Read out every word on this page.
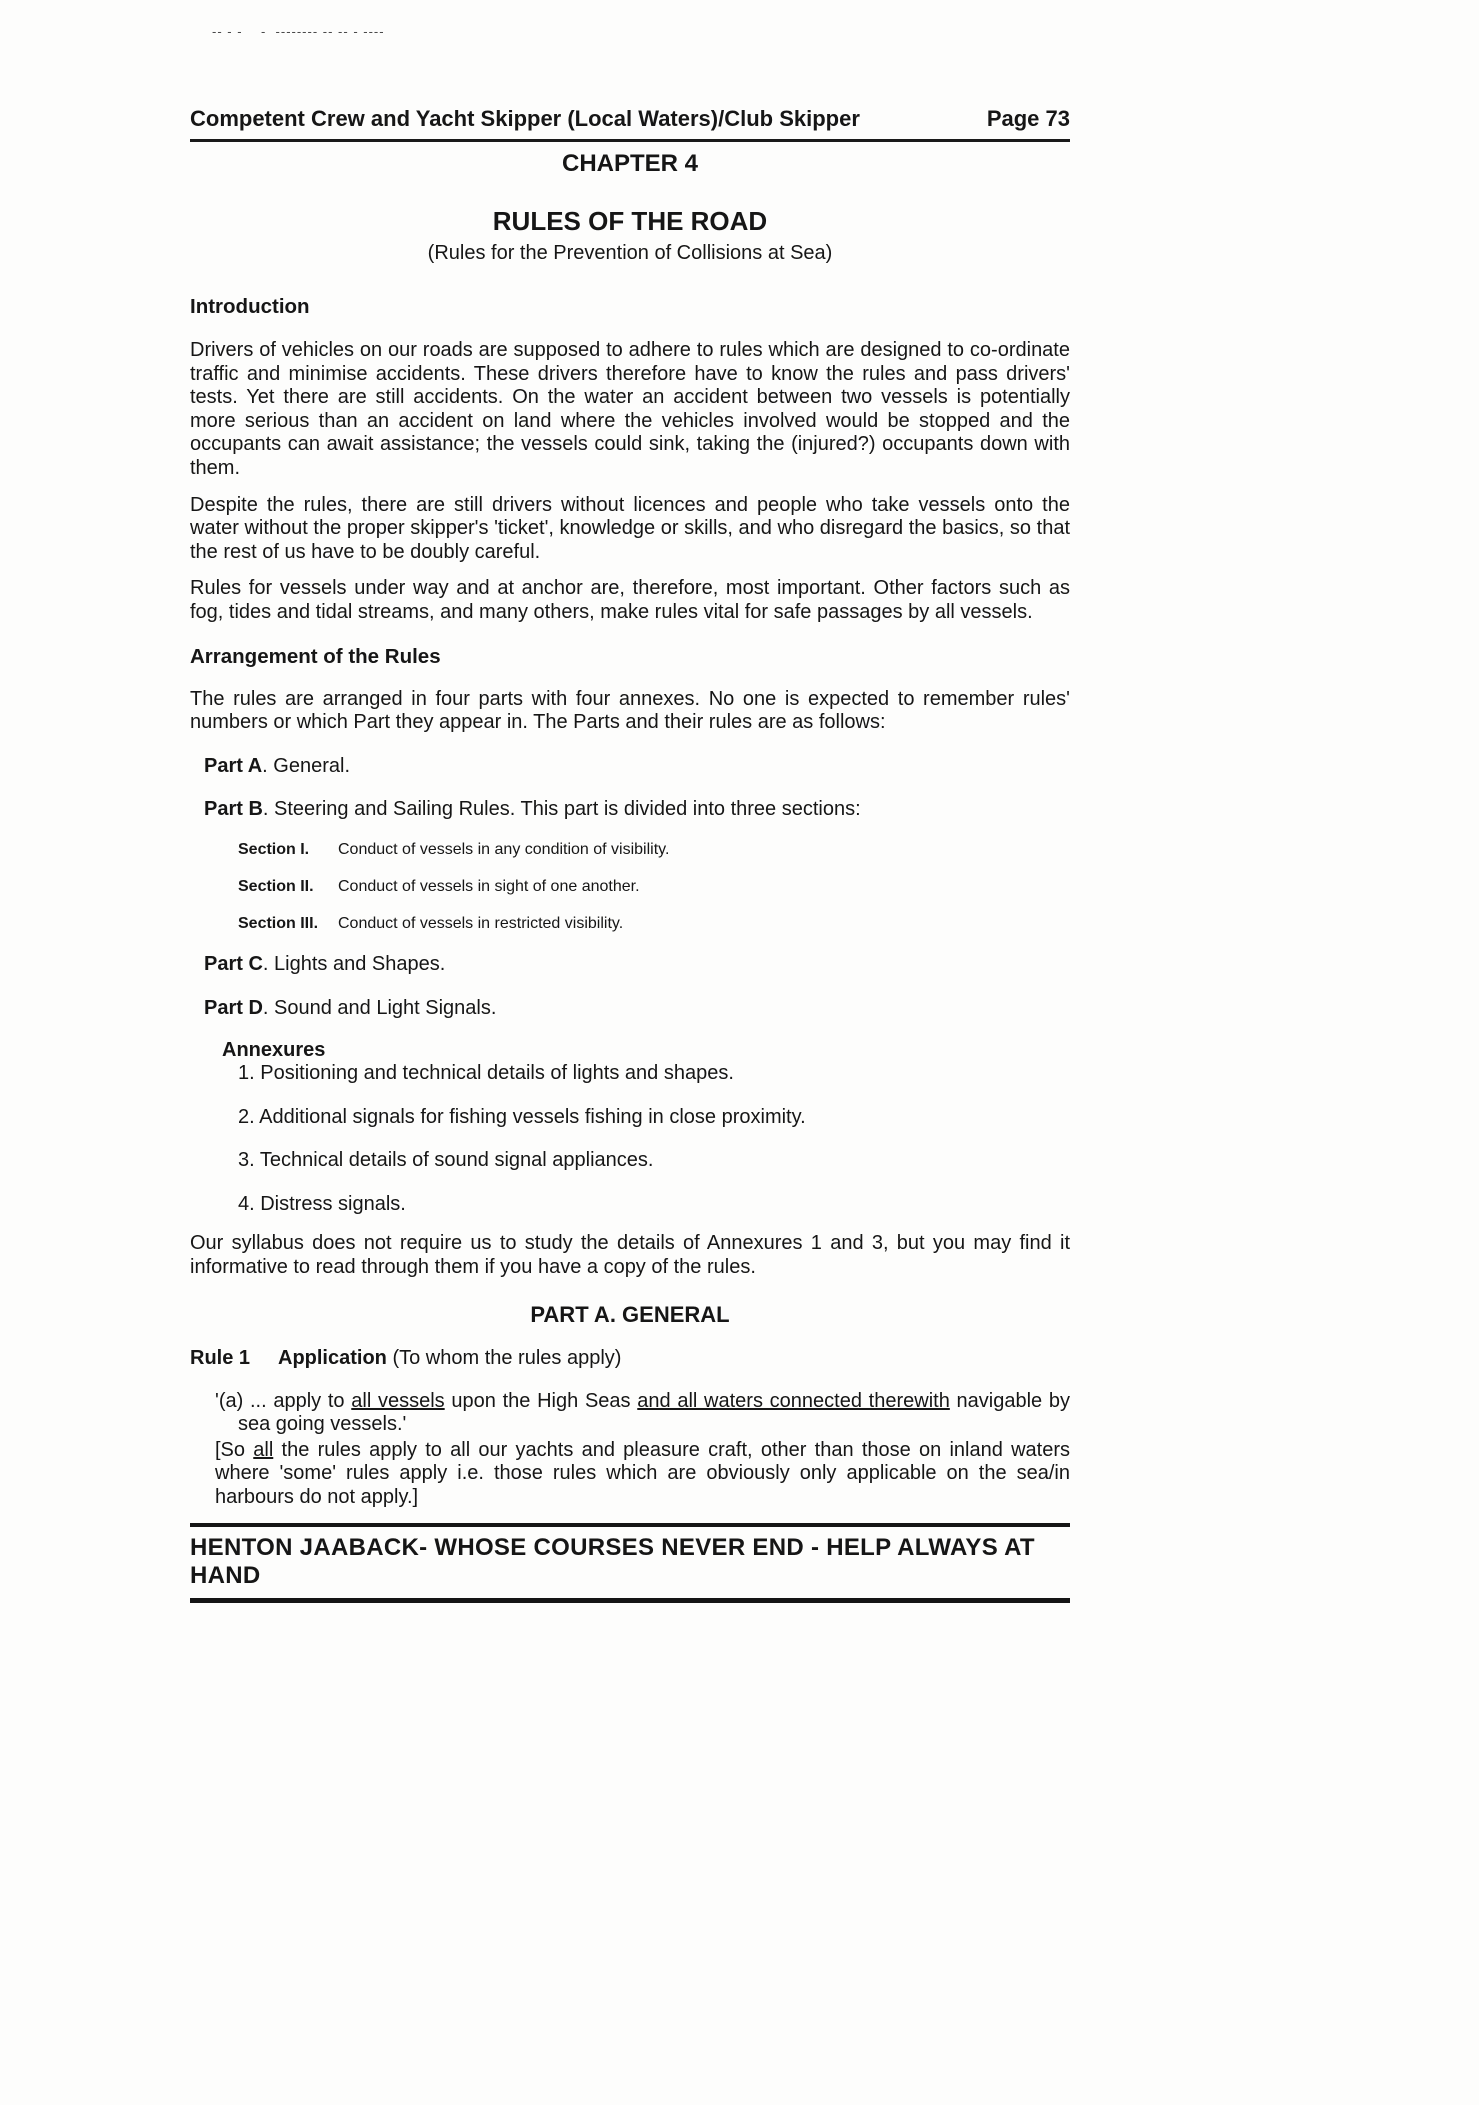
-- - -    -  -------- -- -- - ----
Competent Crew and Yacht Skipper (Local Waters)/Club Skipper	Page 73
CHAPTER 4
RULES OF THE ROAD
(Rules for the Prevention of Collisions at Sea)
Introduction

Drivers of vehicles on our roads are supposed to adhere to rules which are designed to co-ordinate traffic and minimise accidents. These drivers therefore have to know the rules and pass drivers' tests. Yet there are still accidents. On the water an accident between two vessels is potentially more serious than an accident on land where the vehicles involved would be stopped and the occupants can await assistance; the vessels could sink, taking the (injured?) occupants down with them.

Despite the rules, there are still drivers without licences and people who take vessels onto the water without the proper skipper's 'ticket', knowledge or skills, and who disregard the basics, so that the rest of us have to be doubly careful.

Rules for vessels under way and at anchor are, therefore, most important. Other factors such as fog, tides and tidal streams, and many others, make rules vital for safe passages by all vessels.

Arrangement of the Rules

The rules are arranged in four parts with four annexes. No one is expected to remember rules' numbers or which Part they appear in. The Parts and their rules are as follows:

Part A. General.

Part B. Steering and Sailing Rules. This part is divided into three sections:

Section I.	Conduct of vessels in any condition of visibility.
Section II.	Conduct of vessels in sight of one another.
Section III.	Conduct of vessels in restricted visibility.

Part C. Lights and Shapes.

Part D. Sound and Light Signals.

Annexures

1. Positioning and technical details of lights and shapes.

2. Additional signals for fishing vessels fishing in close proximity.

3. Technical details of sound signal appliances.

4. Distress signals.

Our syllabus does not require us to study the details of Annexures 1 and 3, but you may find it informative to read through them if you have a copy of the rules.

PART A. GENERAL
Rule 1	Application (To whom the rules apply)

'(a) ... apply to all vessels upon the High Seas and all waters connected therewith navigable by sea going vessels.'

[So all the rules apply to all our yachts and pleasure craft, other than those on inland waters where 'some' rules apply i.e. those rules which are obviously only applicable on the sea/in harbours do not apply.]

HENTON JAABACK- WHOSE COURSES NEVER END - HELP ALWAYS AT HAND
